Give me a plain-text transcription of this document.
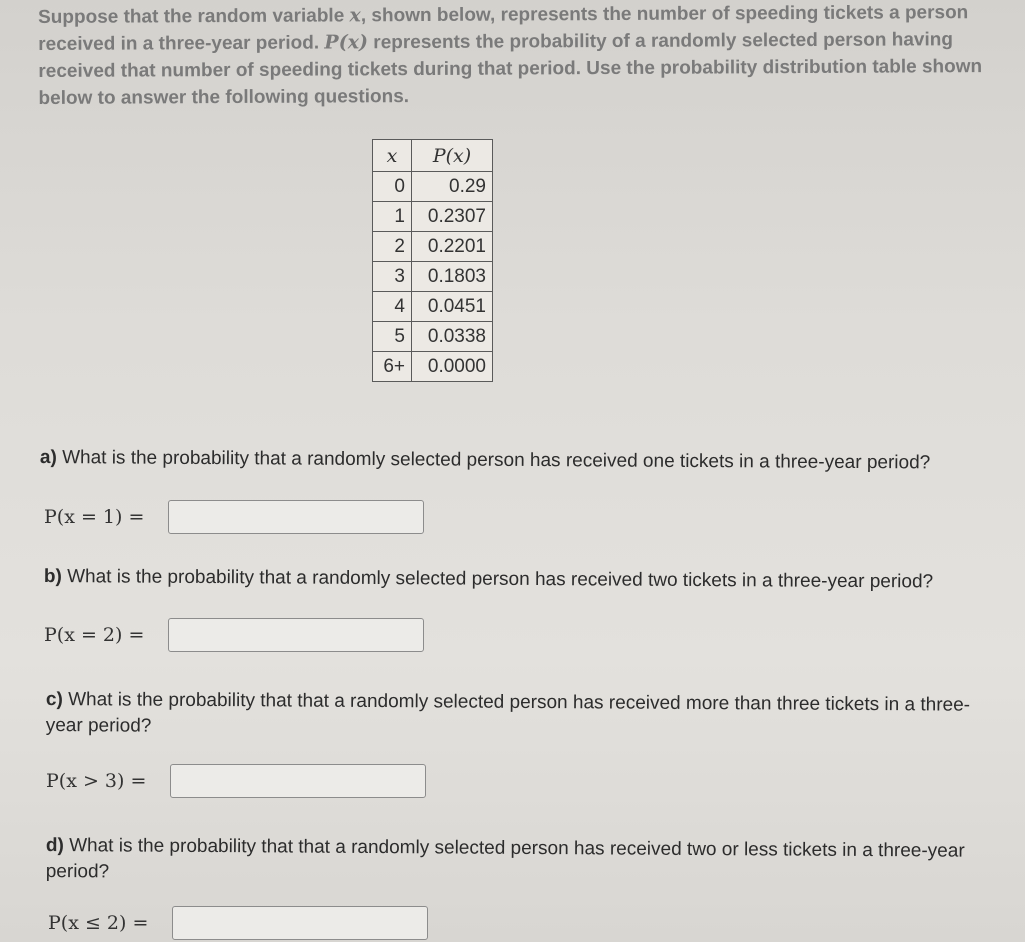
Suppose that the random variable x, shown below, represents the number of speeding tickets a person received in a three-year period. P(x) represents the probability of a randomly selected person having received that number of speeding tickets during that period. Use the probability distribution table shown below to answer the following questions.
x	P(x)
0	0.29
1	0.2307
2	0.2201
3	0.1803
4	0.0451
5	0.0338
6+	0.0000
a) What is the probability that a randomly selected person has received one tickets in a three-year period?
P(x = 1) =
b) What is the probability that a randomly selected person has received two tickets in a three-year period?
P(x = 2) =
c) What is the probability that that a randomly selected person has received more than three tickets in a three-year period?
P(x > 3) =
d) What is the probability that that a randomly selected person has received two or less tickets in a three-year period?
P(x ≤ 2) =
